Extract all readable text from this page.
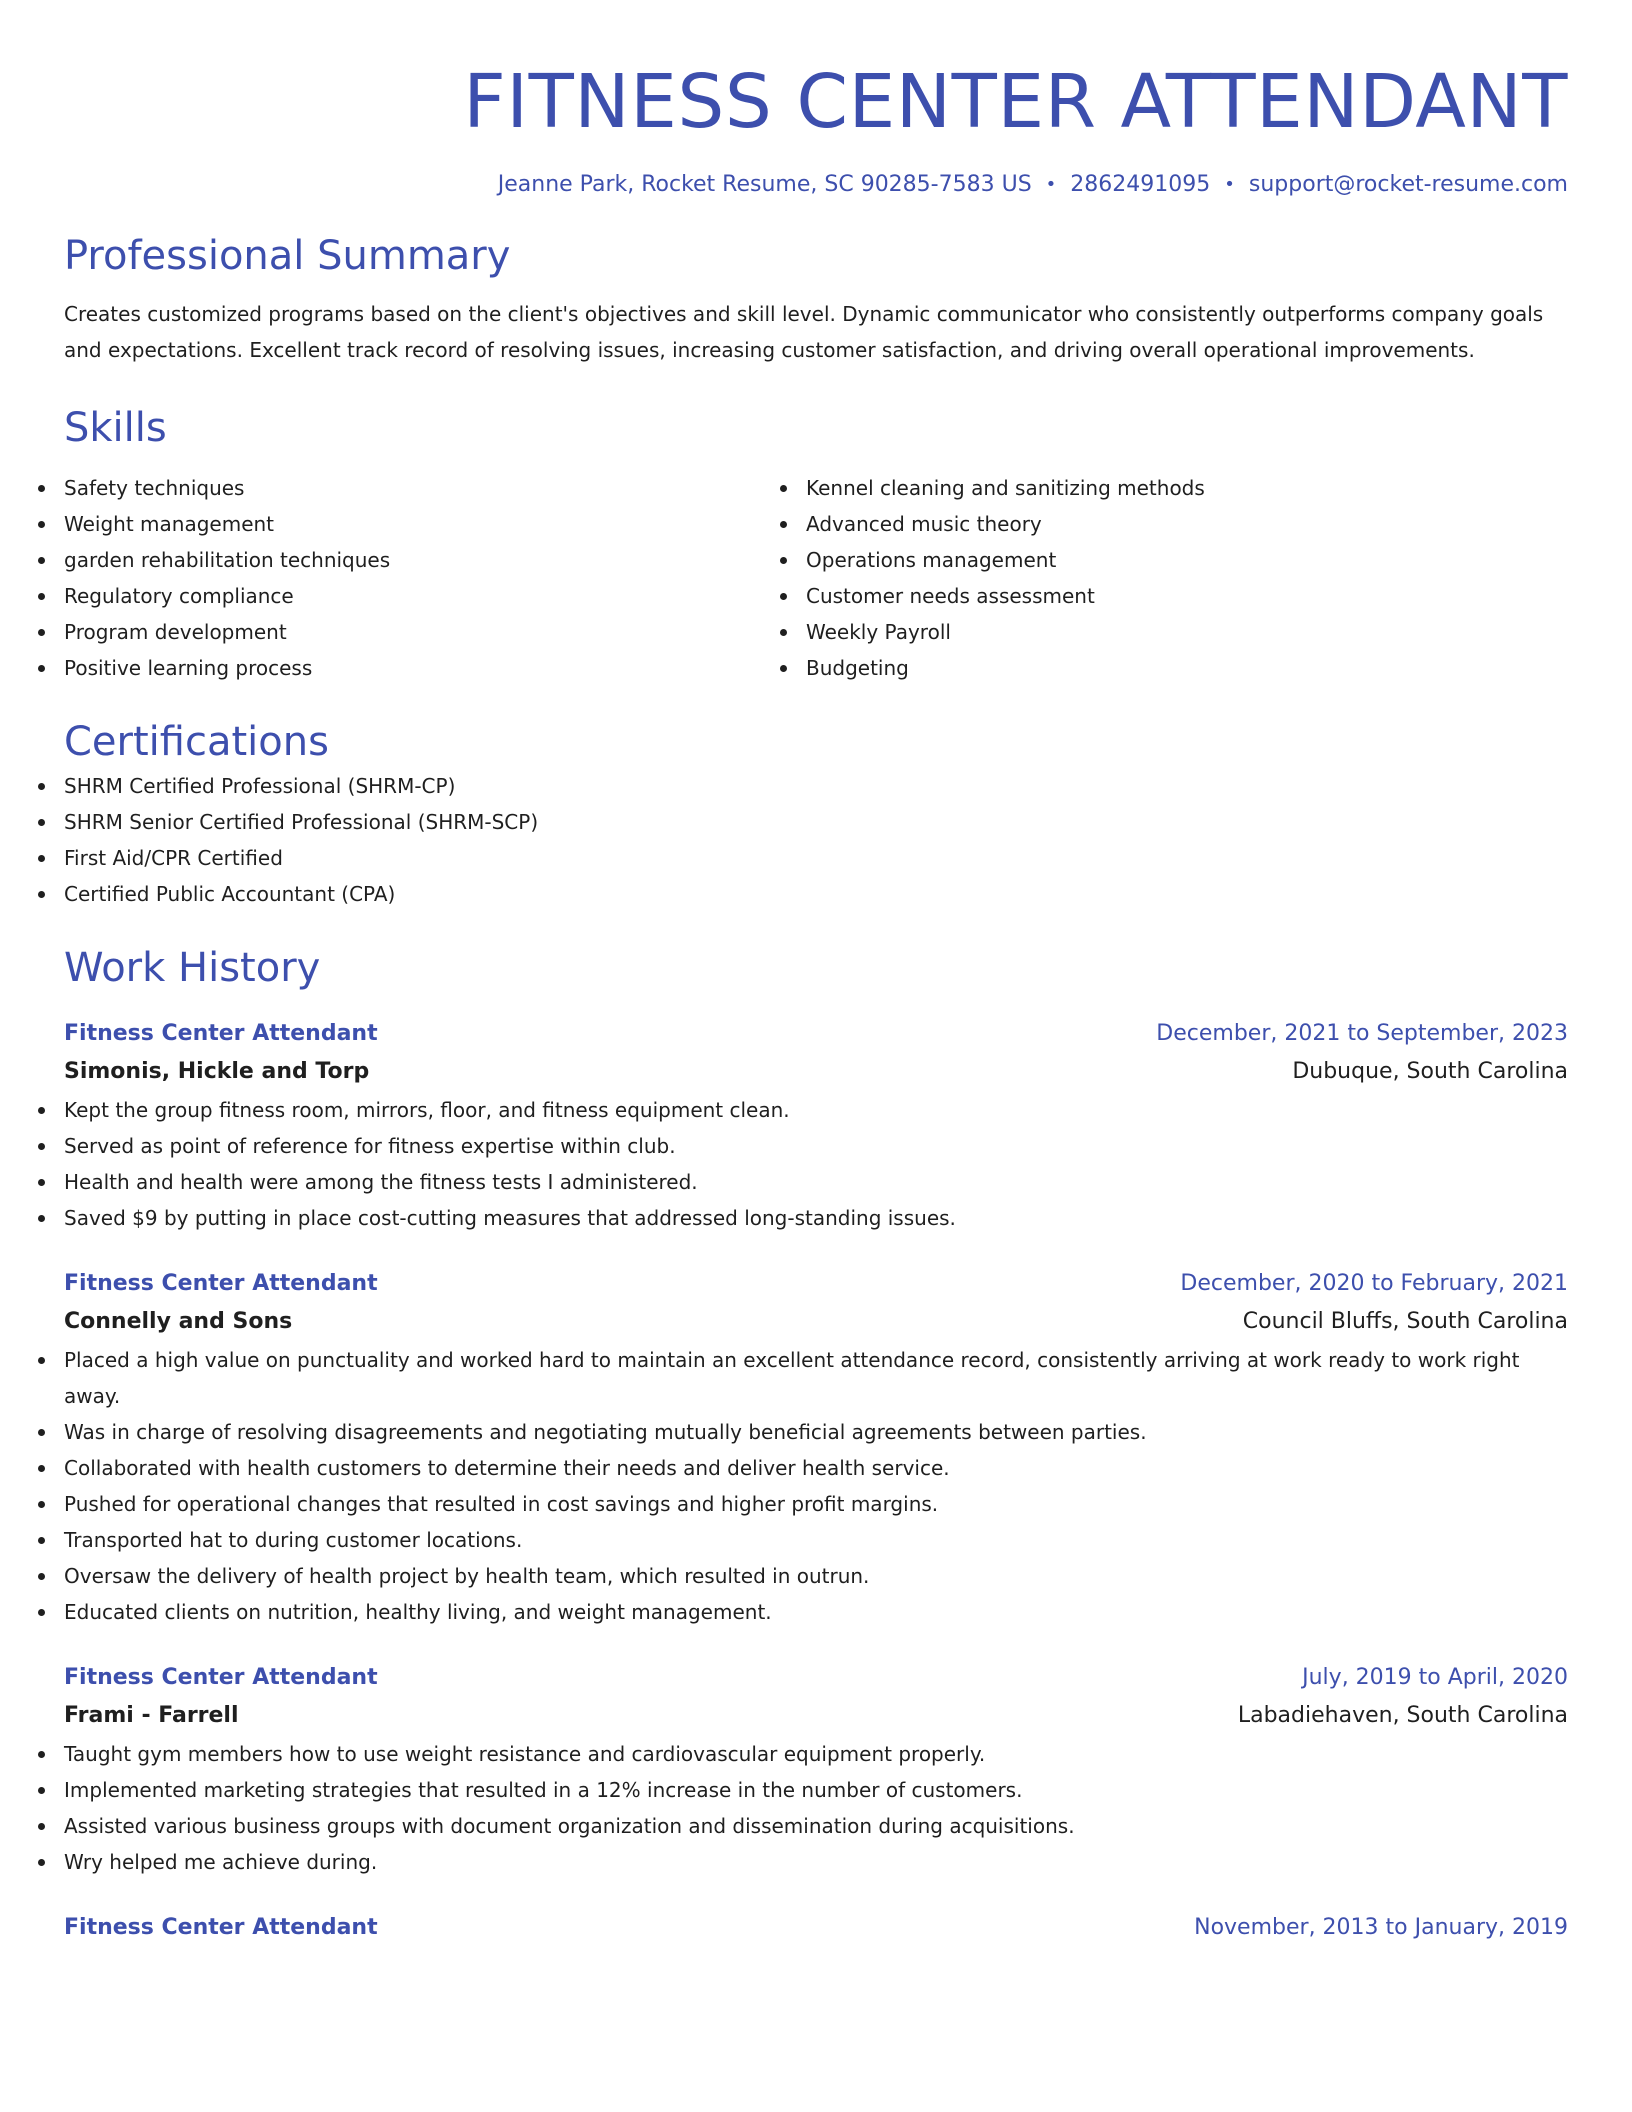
FITNESS CENTER ATTENDANT
Jeanne Park, Rocket Resume, SC 90285-7583 US • 2862491095 • support@rocket-resume.com
Professional Summary

Creates customized programs based on the client's objectives and skill level. Dynamic communicator who consistently outperforms company goals and expectations. Excellent track record of resolving issues, increasing customer satisfaction, and driving overall operational improvements.

Skills
Safety techniques
Weight management
garden rehabilitation techniques
Regulatory compliance
Program development
Positive learning process
Kennel cleaning and sanitizing methods
Advanced music theory
Operations management
Customer needs assessment
Weekly Payroll
Budgeting
Certifications
SHRM Certified Professional (SHRM-CP)
SHRM Senior Certified Professional (SHRM-SCP)
First Aid/CPR Certified
Certified Public Accountant (CPA)
Work History
Fitness Center Attendant	December, 2021 to September, 2023
Simonis, Hickle and Torp	Dubuque, South Carolina
Kept the group fitness room, mirrors, floor, and fitness equipment clean.
Served as point of reference for fitness expertise within club.
Health and health were among the fitness tests I administered.
Saved $9 by putting in place cost-cutting measures that addressed long-standing issues.
Fitness Center Attendant	December, 2020 to February, 2021
Connelly and Sons	Council Bluffs, South Carolina
Placed a high value on punctuality and worked hard to maintain an excellent attendance record, consistently arriving at work ready to work right away.
Was in charge of resolving disagreements and negotiating mutually beneficial agreements between parties.
Collaborated with health customers to determine their needs and deliver health service.
Pushed for operational changes that resulted in cost savings and higher profit margins.
Transported hat to during customer locations.
Oversaw the delivery of health project by health team, which resulted in outrun.
Educated clients on nutrition, healthy living, and weight management.
Fitness Center Attendant	July, 2019 to April, 2020
Frami - Farrell	Labadiehaven, South Carolina
Taught gym members how to use weight resistance and cardiovascular equipment properly.
Implemented marketing strategies that resulted in a 12% increase in the number of customers.
Assisted various business groups with document organization and dissemination during acquisitions.
Wry helped me achieve during.
Fitness Center Attendant	November, 2013 to January, 2019
